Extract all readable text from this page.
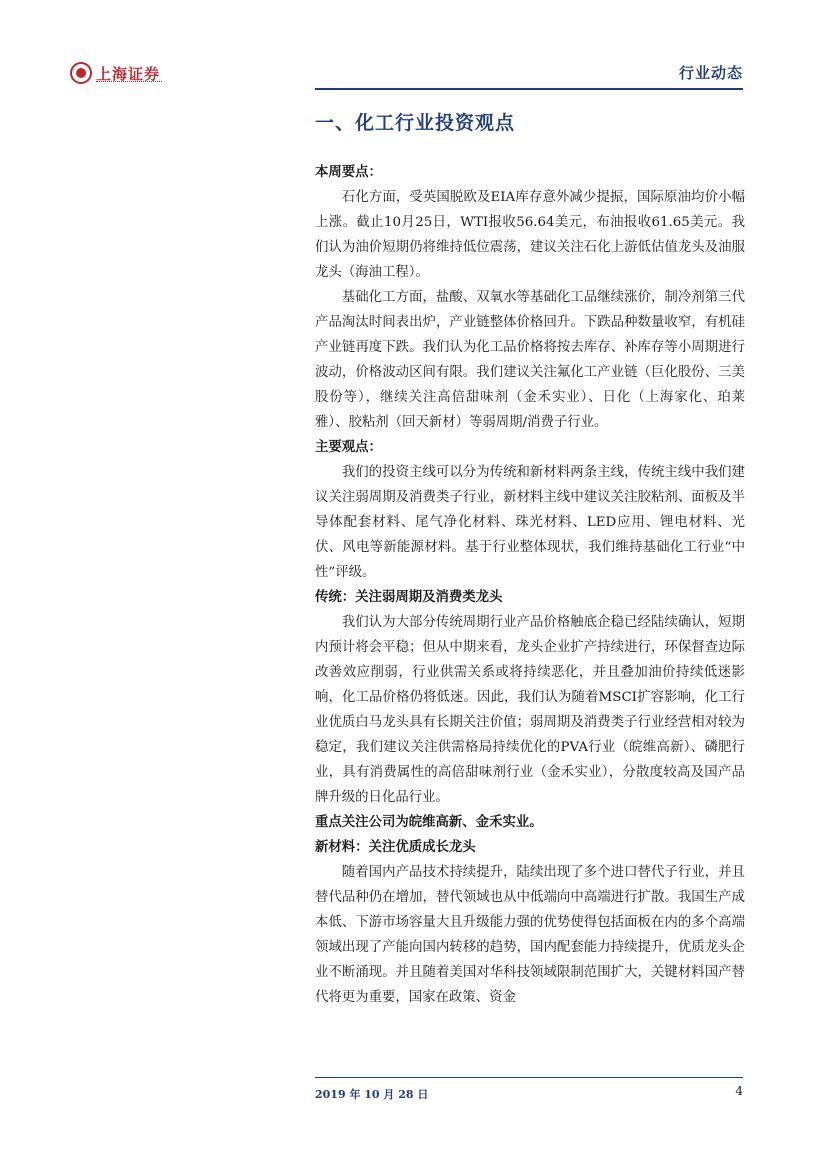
上海证券	行业动态
一、化工行业投资观点

本周要点：

石化方面，受英国脱欧及EIA库存意外减少提振，国际原油均价小幅上涨。截止10月25日，WTI报收56.64美元，布油报收61.65美元。我们认为油价短期仍将维持低位震荡，建议关注石化上游低估值龙头及油服龙头（海油工程）。

基础化工方面，盐酸、双氧水等基础化工品继续涨价，制冷剂第三代产品淘汰时间表出炉，产业链整体价格回升。下跌品种数量收窄，有机硅产业链再度下跌。我们认为化工品价格将按去库存、补库存等小周期进行波动，价格波动区间有限。我们建议关注氟化工产业链（巨化股份、三美股份等），继续关注高倍甜味剂（金禾实业）、日化（上海家化、珀莱雅）、胶粘剂（回天新材）等弱周期/消费子行业。

主要观点：

我们的投资主线可以分为传统和新材料两条主线，传统主线中我们建议关注弱周期及消费类子行业，新材料主线中建议关注胶粘剂、面板及半导体配套材料、尾气净化材料、珠光材料、LED应用、锂电材料、光伏、风电等新能源材料。基于行业整体现状，我们维持基础化工行业“中性”评级。

传统：关注弱周期及消费类龙头

我们认为大部分传统周期行业产品价格触底企稳已经陆续确认，短期内预计将会平稳；但从中期来看，龙头企业扩产持续进行，环保督查边际改善效应削弱，行业供需关系或将持续恶化，并且叠加油价持续低迷影响，化工品价格仍将低迷。因此，我们认为随着MSCI扩容影响，化工行业优质白马龙头具有长期关注价值；弱周期及消费类子行业经营相对较为稳定，我们建议关注供需格局持续优化的PVA行业（皖维高新）、磷肥行业，具有消费属性的高倍甜味剂行业（金禾实业），分散度较高及国产品牌升级的日化品行业。

重点关注公司为皖维高新、金禾实业。

新材料：关注优质成长龙头

随着国内产品技术持续提升，陆续出现了多个进口替代子行业，并且替代品种仍在增加，替代领域也从中低端向中高端进行扩散。我国生产成本低、下游市场容量大且升级能力强的优势使得包括面板在内的多个高端领域出现了产能向国内转移的趋势，国内配套能力持续提升，优质龙头企业不断涌现。并且随着美国对华科技领域限制范围扩大，关键材料国产替代将更为重要，国家在政策、资金

2019 年 10 月 28 日	4
